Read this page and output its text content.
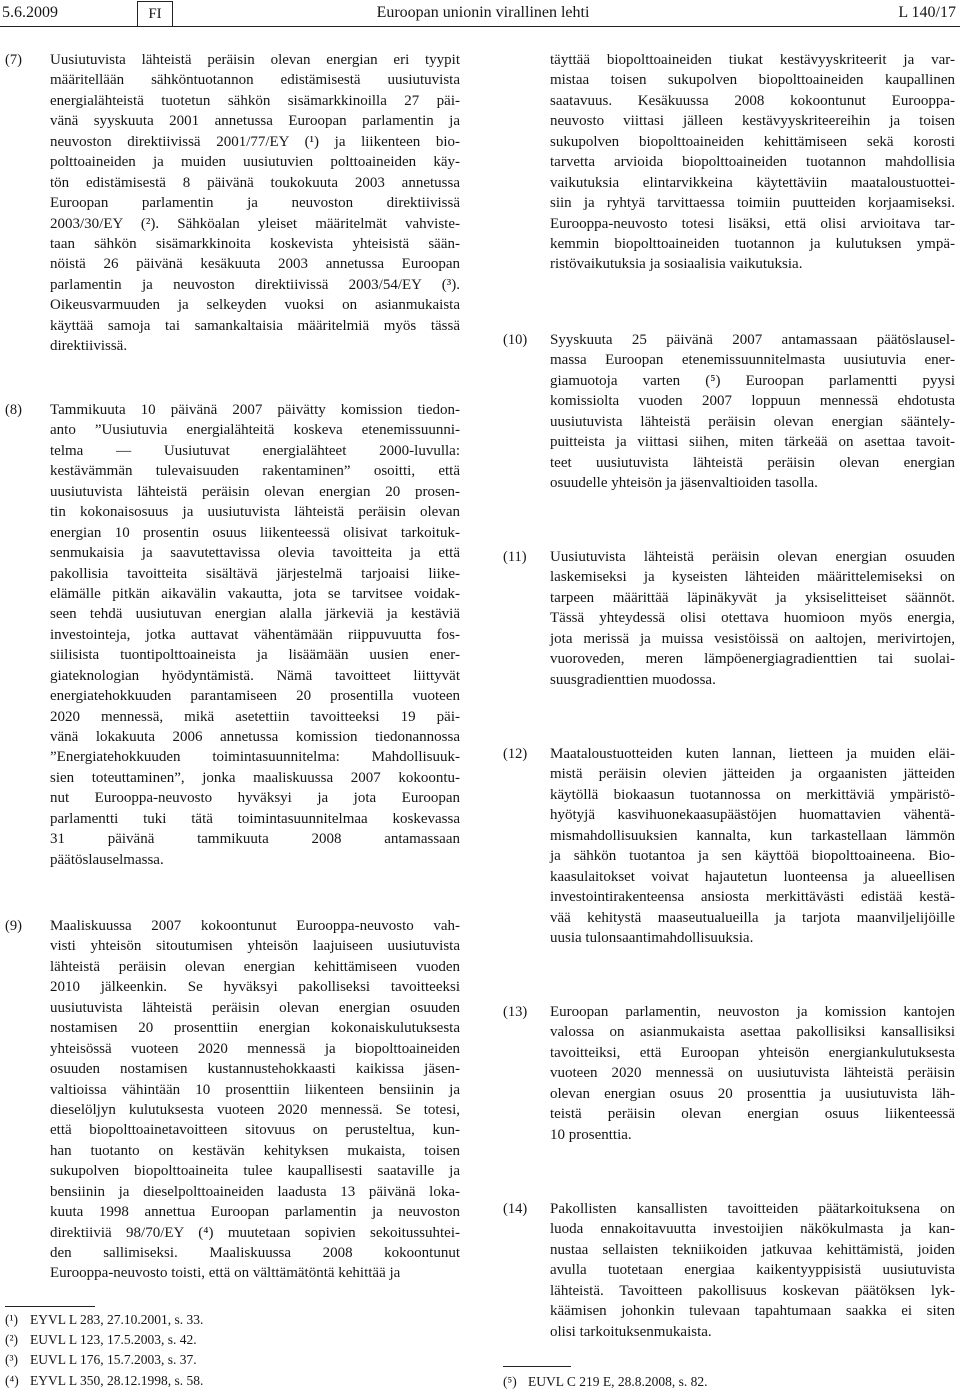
5.6.2009	FI	Euroopan unionin virallinen lehti	L 140/17
(7) Uusiutuvista lähteistä peräisin olevan energian eri tyypit
määritellään sähköntuotannon edistämisestä uusiutuvista
energialähteistä tuotetun sähkön sisämarkkinoilla 27 päi-
vänä syyskuuta 2001 annetussa Euroopan parlamentin ja
neuvoston direktiivissä 2001/77/EY (¹) ja liikenteen bio-
polttoaineiden ja muiden uusiutuvien polttoaineiden käy-
tön edistämisestä 8 päivänä toukokuuta 2003 annetussa
Euroopan parlamentin ja neuvoston direktiivissä
2003/30/EY (²). Sähköalan yleiset määritelmät vahviste-
taan sähkön sisämarkkinoita koskevista yhteisistä sään-
nöistä 26 päivänä kesäkuuta 2003 annetussa Euroopan
parlamentin ja neuvoston direktiivissä 2003/54/EY (³).
Oikeusvarmuuden ja selkeyden vuoksi on asianmukaista
käyttää samoja tai samankaltaisia määritelmiä myös tässä
direktiivissä.
(8) Tammikuuta 10 päivänä 2007 päivätty komission tiedon-
anto ”Uusiutuvia energialähteitä koskeva etenemissuunni-
telma — Uusiutuvat energialähteet 2000-luvulla:
kestävämmän tulevaisuuden rakentaminen” osoitti, että
uusiutuvista lähteistä peräisin olevan energian 20 prosen-
tin kokonaisosuus ja uusiutuvista lähteistä peräisin olevan
energian 10 prosentin osuus liikenteessä olisivat tarkoituk-
senmukaisia ja saavutettavissa olevia tavoitteita ja että
pakollisia tavoitteita sisältävä järjestelmä tarjoaisi liike-
elämälle pitkän aikavälin vakautta, jota se tarvitsee voidak-
seen tehdä uusiutuvan energian alalla järkeviä ja kestäviä
investointeja, jotka auttavat vähentämään riippuvuutta fos-
siilisista tuontipolttoaineista ja lisäämään uusien ener-
giateknologian hyödyntämistä. Nämä tavoitteet liittyvät
energiatehokkuuden parantamiseen 20 prosentilla vuoteen
2020 mennessä, mikä asetettiin tavoitteeksi 19 päi-
vänä lokakuuta 2006 annetussa komission tiedonannossa
”Energiatehokkuuden toimintasuunnitelma: Mahdollisuuk-
sien toteuttaminen”, jonka maaliskuussa 2007 kokoontu-
nut Eurooppa-neuvosto hyväksyi ja jota Euroopan
parlamentti tuki tätä toimintasuunnitelmaa koskevassa
31 päivänä tammikuuta 2008 antamassaan
päätöslauselmassa.
(9) Maaliskuussa 2007 kokoontunut Eurooppa-neuvosto vah-
visti yhteisön sitoutumisen yhteisön laajuiseen uusiutuvista
lähteistä peräisin olevan energian kehittämiseen vuoden
2010 jälkeenkin. Se hyväksyi pakolliseksi tavoitteeksi
uusiutuvista lähteistä peräisin olevan energian osuuden
nostamisen 20 prosenttiin energian kokonaiskulutuksesta
yhteisössä vuoteen 2020 mennessä ja biopolttoaineiden
osuuden nostamisen kustannustehokkaasti kaikissa jäsen-
valtioissa vähintään 10 prosenttiin liikenteen bensiinin ja
dieselöljyn kulutuksesta vuoteen 2020 mennessä. Se totesi,
että biopolttoainetavoitteen sitovuus on perusteltua, kun-
han tuotanto on kestävän kehityksen mukaista, toisen
sukupolven biopolttoaineita tulee kaupallisesti saataville ja
bensiinin ja dieselpolttoaineiden laadusta 13 päivänä loka-
kuuta 1998 annettua Euroopan parlamentin ja neuvoston
direktiiviä 98/70/EY (⁴) muutetaan sopivien sekoitussuhtei-
den sallimiseksi. Maaliskuussa 2008 kokoontunut
Eurooppa-neuvosto toisti, että on välttämätöntä kehittää ja
(¹) EYVL L 283, 27.10.2001, s. 33.
(²) EUVL L 123, 17.5.2003, s. 42.
(³) EUVL L 176, 15.7.2003, s. 37.
(⁴) EYVL L 350, 28.12.1998, s. 58.
täyttää biopolttoaineiden tiukat kestävyyskriteerit ja var-
mistaa toisen sukupolven biopolttoaineiden kaupallinen
saatavuus. Kesäkuussa 2008 kokoontunut Eurooppa-
neuvosto viittasi jälleen kestävyyskriteereihin ja toisen
sukupolven biopolttoaineiden kehittämiseen sekä korosti
tarvetta arvioida biopolttoaineiden tuotannon mahdollisia
vaikutuksia elintarvikkeina käytettäviin maataloustuottei-
siin ja ryhtyä tarvittaessa toimiin puutteiden korjaamiseksi.
Eurooppa-neuvosto totesi lisäksi, että olisi arvioitava tar-
kemmin biopolttoaineiden tuotannon ja kulutuksen ympä-
ristövaikutuksia ja sosiaalisia vaikutuksia.
(10) Syyskuuta 25 päivänä 2007 antamassaan päätöslausel-
massa Euroopan etenemissuunnitelmasta uusiutuvia ener-
giamuotoja varten (⁵) Euroopan parlamentti pyysi
komissiolta vuoden 2007 loppuun mennessä ehdotusta
uusiutuvista lähteistä peräisin olevan energian sääntely-
puitteista ja viittasi siihen, miten tärkeää on asettaa tavoit-
teet uusiutuvista lähteistä peräisin olevan energian
osuudelle yhteisön ja jäsenvaltioiden tasolla.
(11) Uusiutuvista lähteistä peräisin olevan energian osuuden
laskemiseksi ja kyseisten lähteiden määrittelemiseksi on
tarpeen määrittää läpinäkyvät ja yksiselitteiset säännöt.
Tässä yhteydessä olisi otettava huomioon myös energia,
jota merissä ja muissa vesistöissä on aaltojen, merivirtojen,
vuoroveden, meren lämpöenergiagradienttien tai suolai-
suusgradienttien muodossa.
(12) Maataloustuotteiden kuten lannan, lietteen ja muiden eläi-
mistä peräisin olevien jätteiden ja orgaanisten jätteiden
käytöllä biokaasun tuotannossa on merkittäviä ympäristö-
hyötyjä kasvihuonekaasupäästöjen huomattavien vähentä-
mismahdollisuuksien kannalta, kun tarkastellaan lämmön
ja sähkön tuotantoa ja sen käyttöä biopolttoaineena. Bio-
kaasulaitokset voivat hajautetun luonteensa ja alueellisen
investointirakenteensa ansiosta merkittävästi edistää kestä-
vää kehitystä maaseutualueilla ja tarjota maanviljelijöille
uusia tulonsaantimahdollisuuksia.
(13) Euroopan parlamentin, neuvoston ja komission kantojen
valossa on asianmukaista asettaa pakollisiksi kansallisiksi
tavoitteiksi, että Euroopan yhteisön energiankulutuksesta
vuoteen 2020 mennessä on uusiutuvista lähteistä peräisin
olevan energian osuus 20 prosenttia ja uusiutuvista läh-
teistä peräisin olevan energian osuus liikenteessä
10 prosenttia.
(14) Pakollisten kansallisten tavoitteiden päätarkoituksena on
luoda ennakoitavuutta investoijien näkökulmasta ja kan-
nustaa sellaisten tekniikoiden jatkuvaa kehittämistä, joiden
avulla tuotetaan energiaa kaikentyyppisistä uusiutuvista
lähteistä. Tavoitteen pakollisuus koskevan päätöksen lyk-
käämisen johonkin tulevaan tapahtumaan saakka ei siten
olisi tarkoituksenmukaista.
(⁵) EUVL C 219 E, 28.8.2008, s. 82.
